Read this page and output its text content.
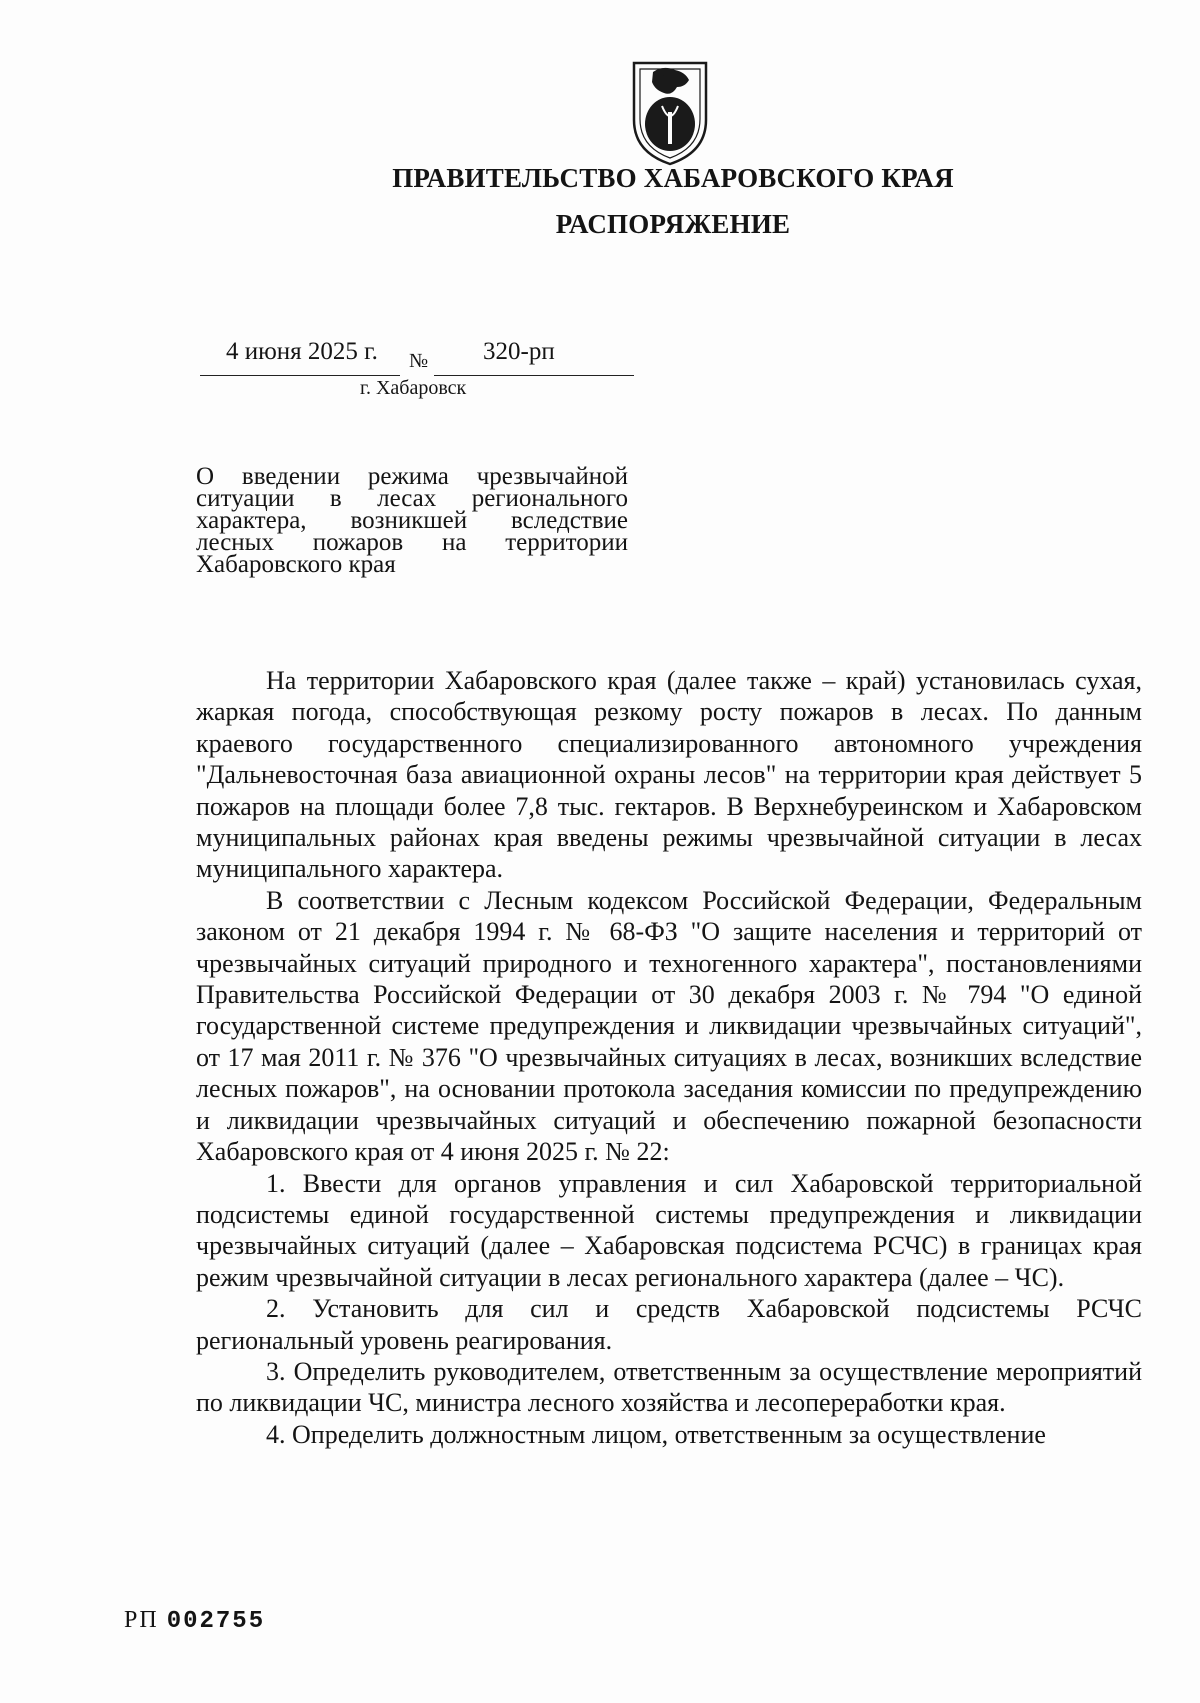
ПРАВИТЕЛЬСТВО ХАБАРОВСКОГО КРАЯ
РАСПОРЯЖЕНИЕ
4 июня 2025 г. № 320-рп
г. Хабаровск
О введении режима чрезвычайной
ситуации в лесах регионального
характера, возникшей вследствие
лесных пожаров на территории
Хабаровского края

На территории Хабаровского края (далее также – край) установилась сухая, жаркая погода, способствующая резкому росту пожаров в лесах. По данным краевого государственного специализированного автономного учреждения "Дальневосточная база авиационной охраны лесов" на территории края действует 5 пожаров на площади более 7,8 тыс. гектаров. В Верхнебуреинском и Хабаровском муниципальных районах края введены режимы чрезвычайной ситуации в лесах муниципального характера.

В соответствии с Лесным кодексом Российской Федерации, Федеральным законом от 21 декабря 1994 г. № 68-ФЗ "О защите населения и территорий от чрезвычайных ситуаций природного и техногенного характера", постановлениями Правительства Российской Федерации от 30 декабря 2003 г. № 794 "О единой государственной системе предупреждения и ликвидации чрезвычайных ситуаций", от 17 мая 2011 г. № 376 "О чрезвычайных ситуациях в лесах, возникших вследствие лесных пожаров", на основании протокола заседания комиссии по предупреждению и ликвидации чрезвычайных ситуаций и обеспечению пожарной безопасности Хабаровского края от 4 июня 2025 г. № 22:

1. Ввести для органов управления и сил Хабаровской территориальной подсистемы единой государственной системы предупреждения и ликвидации чрезвычайных ситуаций (далее – Хабаровская подсистема РСЧС) в границах края режим чрезвычайной ситуации в лесах регионального характера (далее – ЧС).

2. Установить для сил и средств Хабаровской подсистемы РСЧС региональный уровень реагирования.

3. Определить руководителем, ответственным за осуществление мероприятий по ликвидации ЧС, министра лесного хозяйства и лесопереработки края.

4. Определить должностным лицом, ответственным за осуществление

РП 002755
